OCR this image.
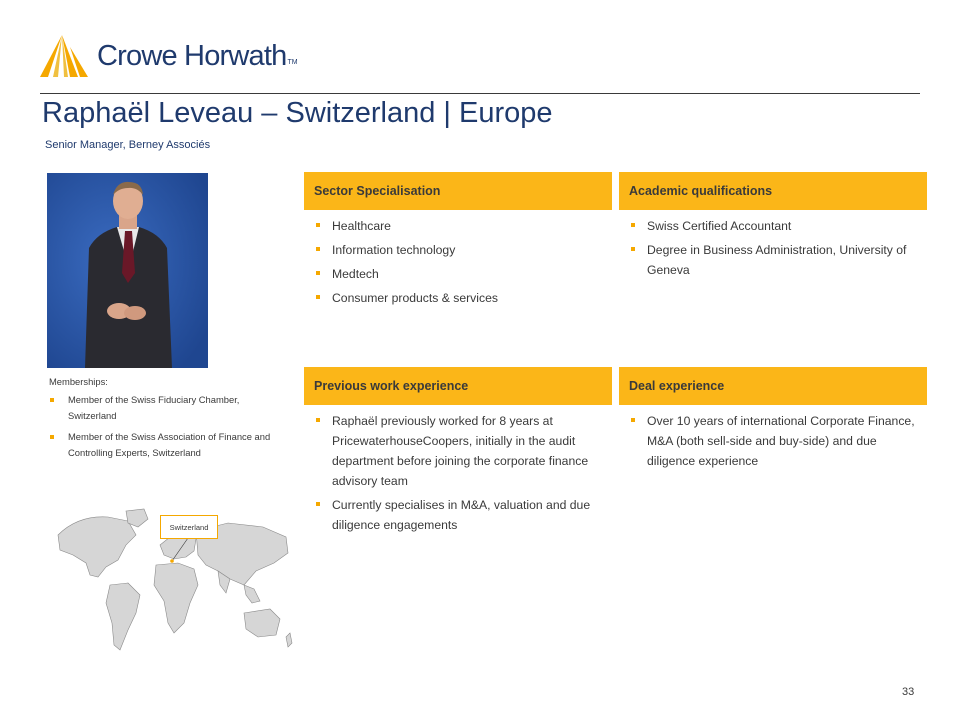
Crowe Horwath TM
Raphaël Leveau – Switzerland | Europe
Senior Manager, Berney Associés
Memberships:
Member of the Swiss Fiduciary Chamber, Switzerland
Member of the Swiss Association of Finance and Controlling Experts, Switzerland
Switzerland
Sector Specialisation
Healthcare
Information technology
Medtech
Consumer products & services
Academic qualifications
Swiss Certified Accountant
Degree in Business Administration, University of Geneva
Previous work experience
Raphaël previously worked for 8 years at PricewaterhouseCoopers, initially in the audit department before joining the corporate finance advisory team
Currently specialises in M&A, valuation and due diligence engagements
Deal experience
Over 10 years of international Corporate Finance, M&A (both sell-side and buy-side) and due diligence experience
33
